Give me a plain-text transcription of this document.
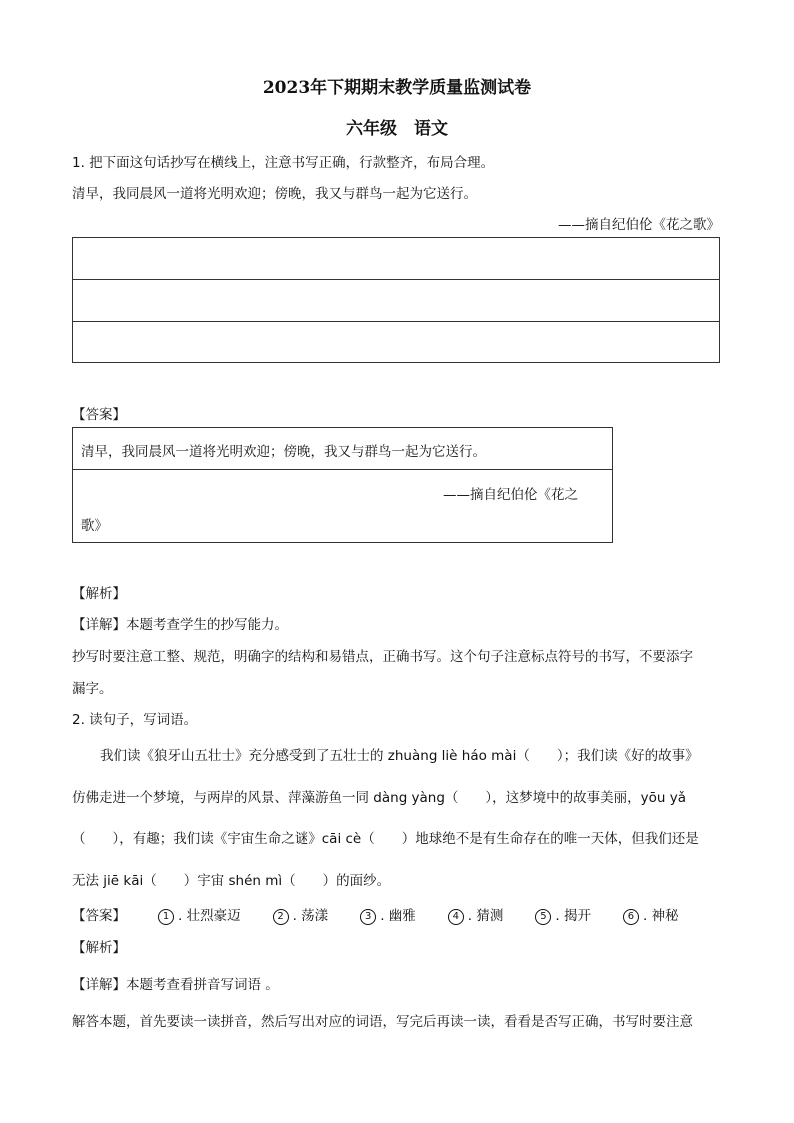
2023年下期期末教学质量监测试卷
六年级　语文
1. 把下面这句话抄写在横线上，注意书写正确，行款整齐，布局合理。
清早，我同晨风一道将光明欢迎；傍晚，我又与群鸟一起为它送行。
——摘自纪伯伦《花之歌》
【答案】
清早，我同晨风一道将光明欢迎；傍晚，我又与群鸟一起为它送行。
——摘自纪伯伦《花之
歌》
【解析】
【详解】本题考查学生的抄写能力。
抄写时要注意工整、规范，明确字的结构和易错点，正确书写。这个句子注意标点符号的书写，不要添字
漏字。
2. 读句子，写词语。
我们读《狼牙山五壮士》充分感受到了五壮士的 zhuàng liè háo mài（　　）；我们读《好的故事》
仿佛走进一个梦境，与两岸的风景、萍藻游鱼一同 dàng yàng（　　），这梦境中的故事美丽，yōu yǎ
（　　），有趣；我们读《宇宙生命之谜》cāi cè（　　）地球绝不是有生命存在的唯一天体，但我们还是
无法 jiē kāi（　　）宇宙 shén mì（　　）的面纱。
【答案】	1 . 壮烈豪迈	2 . 荡漾	3 . 幽雅	4 . 猜测	5 . 揭开	6 . 神秘
【解析】
【详解】本题考查看拼音写词语 。
解答本题，首先要读一读拼音，然后写出对应的词语，写完后再读一读，看看是否写正确，书写时要注意
